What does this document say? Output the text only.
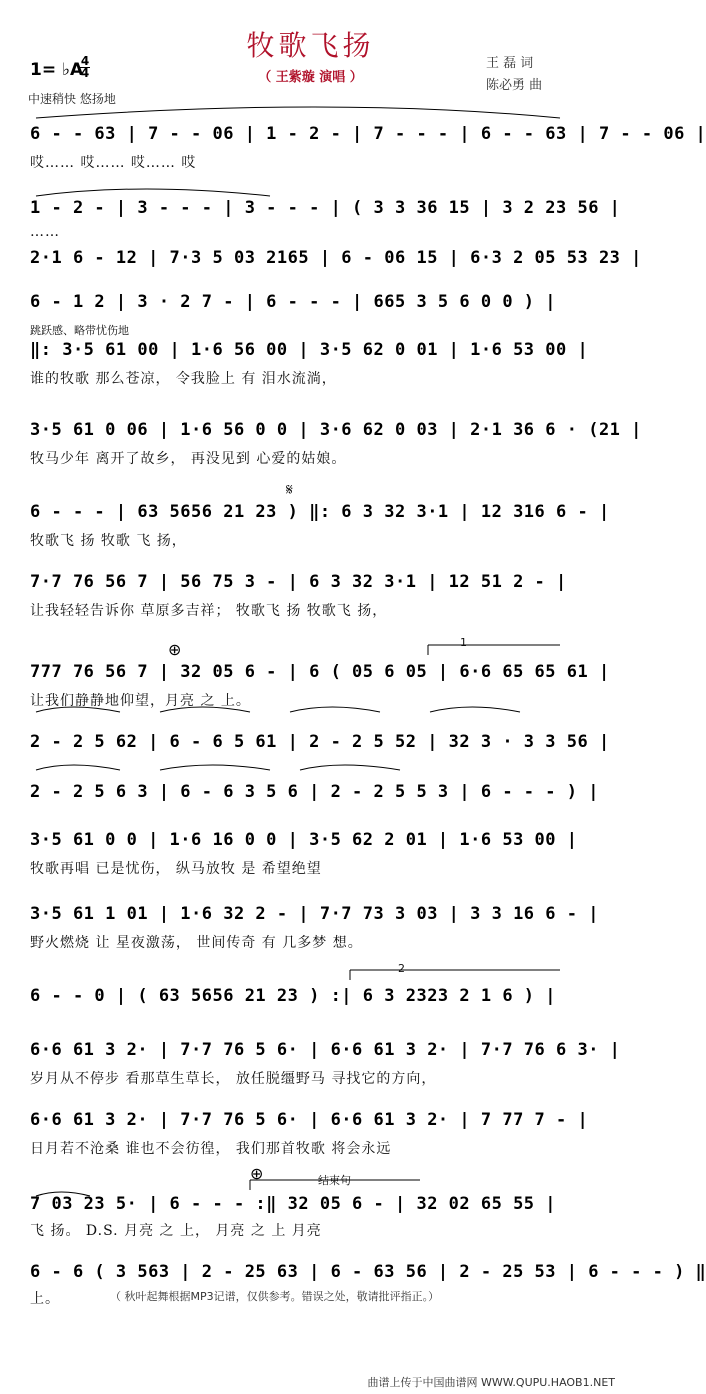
牧歌飞扬
（ 王紫璇 演唱 ）
王 磊 词
陈必勇 曲
1= ♭A
4
4
中速稍快 悠扬地
6 - - 63 | 7 - - 06 | 1 - 2 - | 7 - - - | 6 - - 63 | 7 - - 06 |
哎…… 哎…… 哎…… 哎
1 - 2 - | 3 - - - | 3 - - - | ( 3 3 36 15 | 3 2 23 56 |
……
2·1 6 - 12 | 7·3 5 03 2165 | 6 - 06 15 | 6·3 2 05 53 23 |
6 - 1 2 | 3 · 2 7 - | 6 - - - | 665 3 5 6 0 0 ) |
跳跃感、略带忧伤地
‖: 3·5 61 00 | 1·6 56 00 | 3·5 62 0 01 | 1·6 53 00 |
谁的牧歌 那么苍凉， 令我脸上 有 泪水流淌，
3·5 61 0 06 | 1·6 56 0 0 | 3·6 62 0 03 | 2·1 36 6 · (21 |
牧马少年 离开了故乡， 再没见到 心爱的姑娘。
𝄋
6 - - - | 63 5656 21 23 ) ‖: 6 3 32 3·1 | 12 316 6 - |
牧歌飞 扬 牧歌 飞 扬，
7·7 76 56 7 | 56 75 3 - | 6 3 32 3·1 | 12 51 2 - |
让我轻轻告诉你 草原多吉祥； 牧歌飞 扬 牧歌飞 扬，
⊕	1
777 76 56 7 | 32 05 6 - | 6 ( 05 6 05 | 6·6 65 65 61 |
让我们静静地仰望，月亮 之 上。
2 - 2 5 62 | 6 - 6 5 61 | 2 - 2 5 52 | 32 3 · 3 3 56 |
2 - 2 5 6 3 | 6 - 6 3 5 6 | 2 - 2 5 5 3 | 6 - - - ) |
3·5 61 0 0 | 1·6 16 0 0 | 3·5 62 2 01 | 1·6 53 00 |
牧歌再唱 已是忧伤， 纵马放牧 是 希望绝望
3·5 61 1 01 | 1·6 32 2 - | 7·7 73 3 03 | 3 3 16 6 - |
野火燃烧 让 星夜激荡， 世间传奇 有 几多梦 想。
2
6 - - 0 | ( 63 5656 21 23 ) :| 6 3 2323 2 1 6 ) |
6·6 61 3 2· | 7·7 76 5 6· | 6·6 61 3 2· | 7·7 76 6 3· |
岁月从不停步 看那草生草长， 放任脱缰野马 寻找它的方向，
6·6 61 3 2· | 7·7 76 5 6· | 6·6 61 3 2· | 7 77 7 - |
日月若不沧桑 谁也不会彷徨， 我们那首牧歌 将会永远
⊕	结束句
7 03 23 5· | 6 - - - :‖ 32 05 6 - | 32 02 65 55 |
飞 扬。 D.S. 月亮 之 上， 月亮 之 上 月亮
6 - 6 ( 3 563 | 2 - 25 63 | 6 - 63 56 | 2 - 25 53 | 6 - - - ) ‖
上。	（ 秋叶起舞根据MP3记谱，仅供参考。错误之处，敬请批评指正。）
曲谱上传于中国曲谱网 WWW.QUPU.HAOB1.NET
